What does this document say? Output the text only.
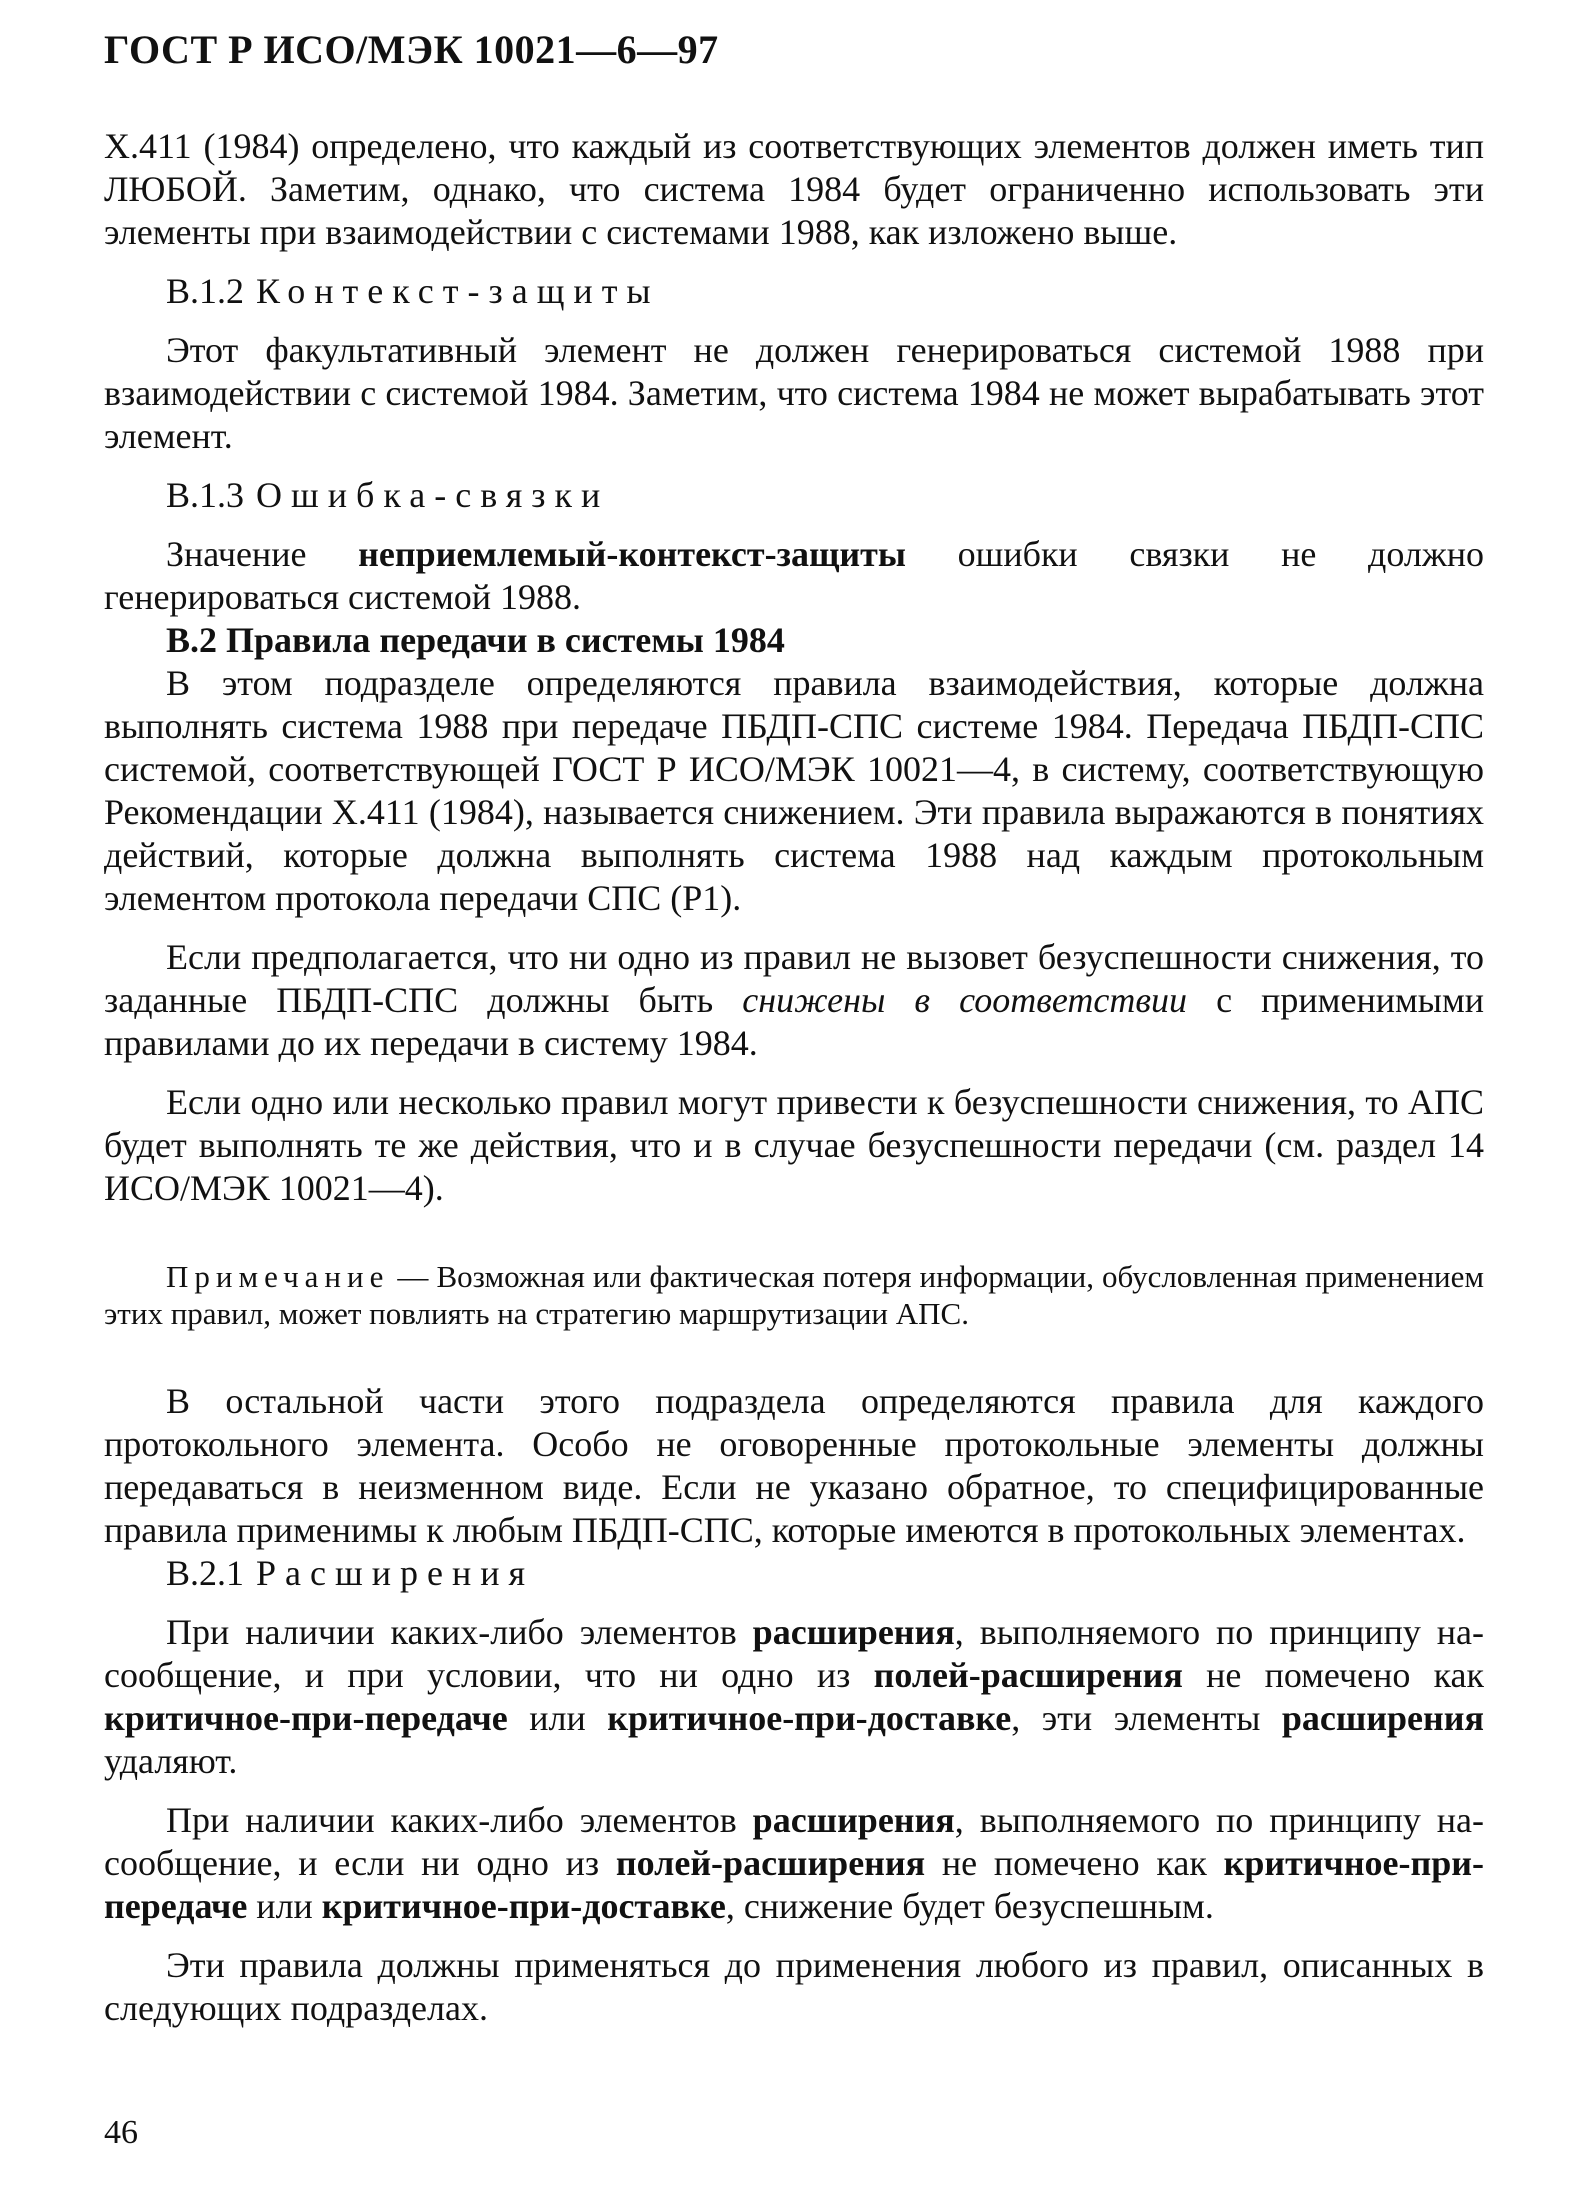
ГОСТ Р ИСО/МЭК 10021—6—97

Х.411 (1984) определено, что каждый из соответствующих элементов должен иметь тип ЛЮБОЙ. Заметим, однако, что система 1984 будет ограниченно использовать эти элементы при взаимодействии с системами 1988, как изложено выше.

B.1.2 Контекст-защиты

Этот факультативный элемент не должен генерироваться системой 1988 при взаимодействии с системой 1984. Заметим, что система 1984 не может вырабатывать этот элемент.

B.1.3 Ошибка-связки

Значение неприемлемый-контекст-защиты ошибки связки не должно генерироваться системой 1988.

B.2 Правила передачи в системы 1984

В этом подразделе определяются правила взаимодействия, которые должна выполнять система 1988 при передаче ПБДП-СПС системе 1984. Передача ПБДП-СПС системой, соответствующей ГОСТ Р ИСО/МЭК 10021—4, в систему, соответствующую Рекомендации Х.411 (1984), называется снижением. Эти правила выражаются в понятиях действий, которые должна выполнять система 1988 над каждым протокольным элементом протокола передачи СПС (Р1).

Если предполагается, что ни одно из правил не вызовет безуспешности снижения, то заданные ПБДП-СПС должны быть снижены в соответствии с применимыми правилами до их передачи в систему 1984.

Если одно или несколько правил могут привести к безуспешности снижения, то АПС будет выполнять те же действия, что и в случае безуспешности передачи (см. раздел 14 ИСО/МЭК 10021—4).

Примечание — Возможная или фактическая потеря информации, обусловленная применением этих правил, может повлиять на стратегию маршрутизации АПС.

В остальной части этого подраздела определяются правила для каждого протокольного элемента. Особо не оговоренные протокольные элементы должны передаваться в неизменном виде. Если не указано обратное, то специфицированные правила применимы к любым ПБДП-СПС, которые имеются в протокольных элементах.

B.2.1 Расширения

При наличии каких-либо элементов расширения, выполняемого по принципу на-сообщение, и при условии, что ни одно из полей-расширения не помечено как критичное-при-передаче или критичное-при-доставке, эти элементы расширения удаляют.

При наличии каких-либо элементов расширения, выполняемого по принципу на-сообщение, и если ни одно из полей-расширения не помечено как критичное-при-передаче или критичное-при-доставке, снижение будет безуспешным.

Эти правила должны применяться до применения любого из правил, описанных в следующих подразделах.

46
